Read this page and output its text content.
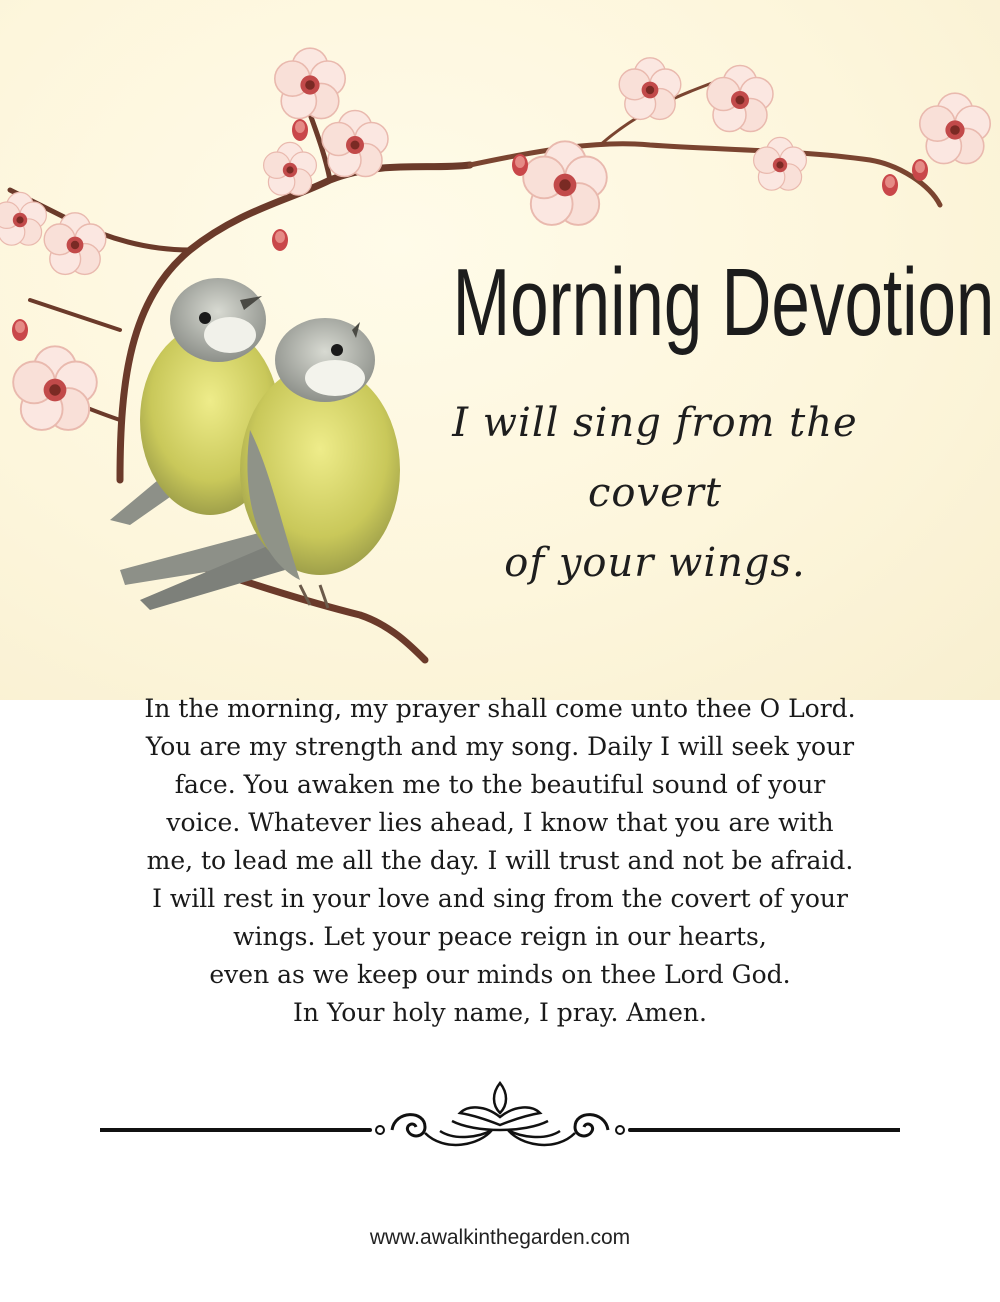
Morning Devotion
I will sing from the covert
of your wings.
In the morning, my prayer shall come unto thee O Lord.
You are my strength and my song. Daily I will seek your
face. You awaken me to the beautiful sound of your
voice. Whatever lies ahead, I know that you are with
me, to lead me all the day. I will trust and not be afraid.
I will rest in your love and sing from the covert of your
wings. Let your peace reign in our hearts,
even as we keep our minds on thee Lord God.
In Your holy name, I pray. Amen.
www.awalkinthegarden.com
